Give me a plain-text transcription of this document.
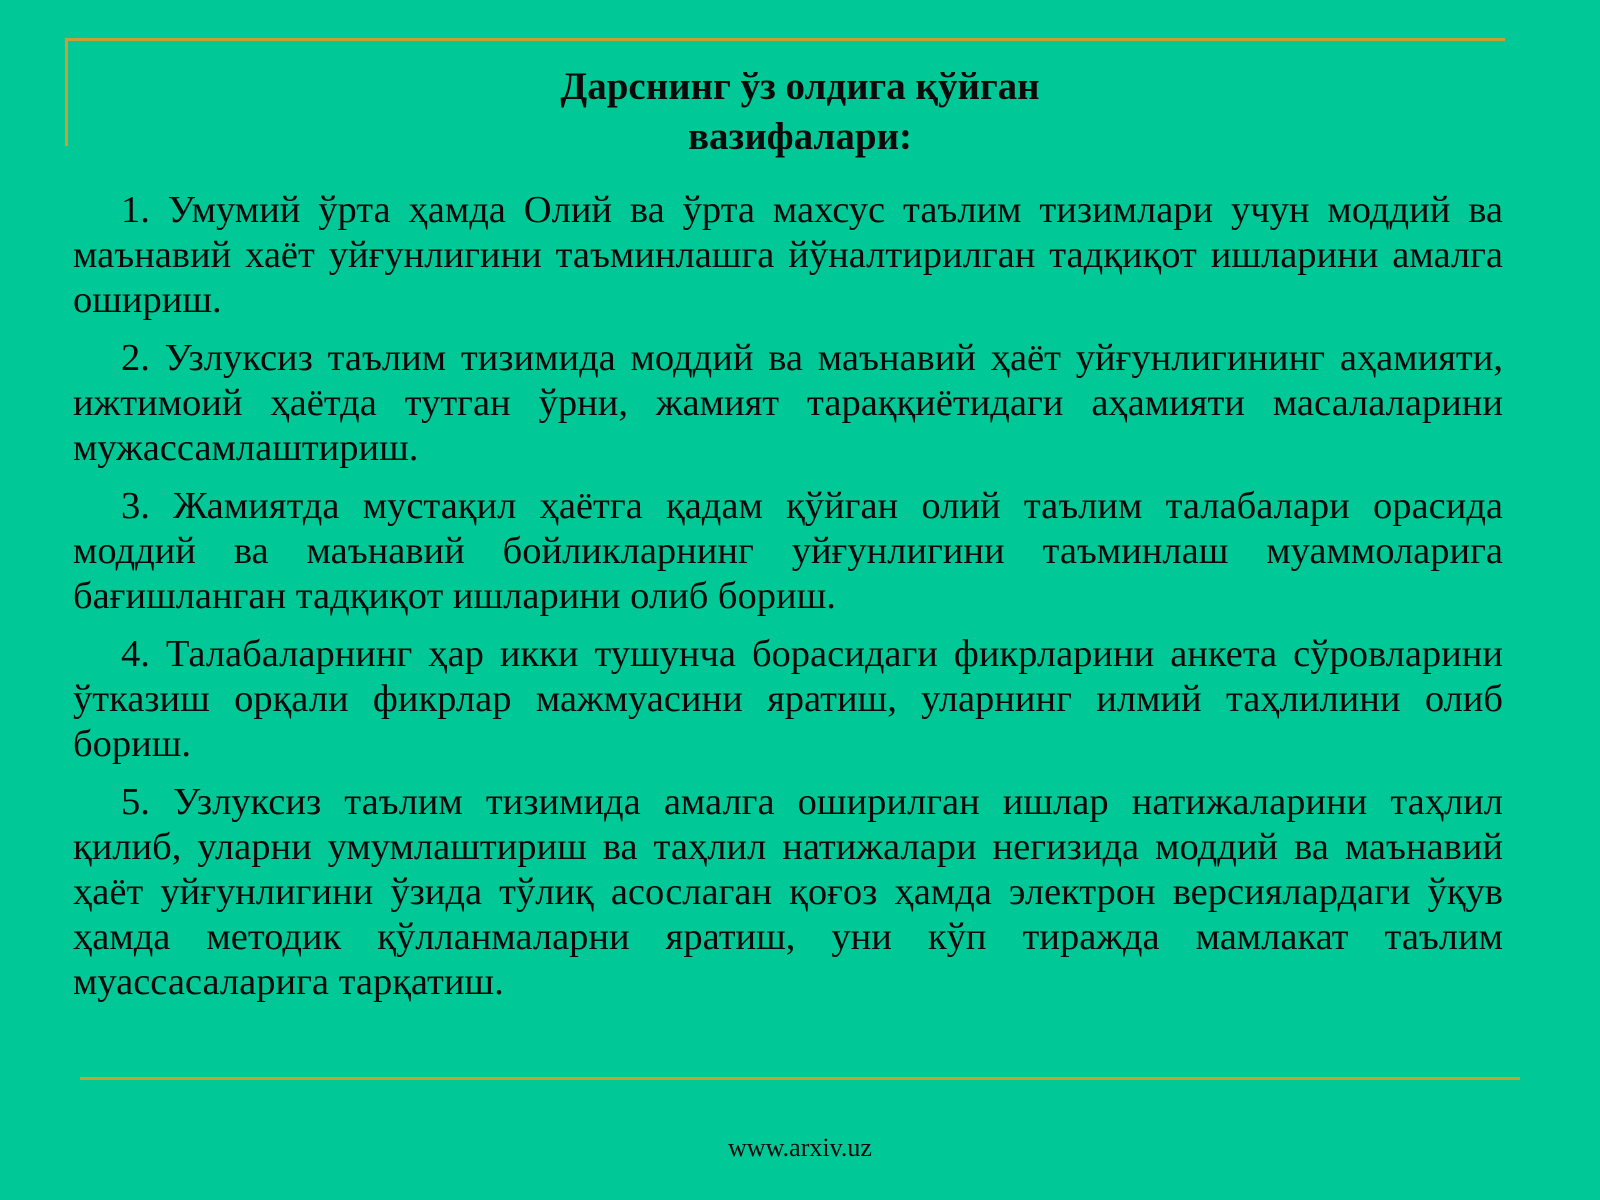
Дарснинг ўз олдига қўйган
вазифалари:

1. Умумий ўрта ҳамда Олий ва ўрта махсус таълим тизимлари учун моддий ва маънавий хаёт уйғунлигини таъминлашга йўналтирилган тадқиқот ишларини амалга ошириш.

2. Узлуксиз таълим тизимида моддий ва маънавий ҳаёт уйғунлигининг аҳамияти, ижтимоий ҳаётда тутган ўрни, жамият тараққиётидаги аҳамияти масалаларини мужассамлаштириш.

3. Жамиятда мустақил ҳаётга қадам қўйган олий таълим талабалари орасида моддий ва маънавий бойликларнинг уйғунлигини таъминлаш муаммоларига бағишланган тадқиқот ишларини олиб бориш.

4. Талабаларнинг ҳар икки тушунча борасидаги фикрларини анкета сўровларини ўтказиш орқали фикрлар мажмуасини яратиш, уларнинг илмий таҳлилини олиб бориш.

5. Узлуксиз таълим тизимида амалга оширилган ишлар натижаларини таҳлил қилиб, уларни умумлаштириш ва таҳлил натижалари негизида моддий ва маънавий ҳаёт уйғунлигини ўзида тўлиқ асослаган қоғоз ҳамда электрон версиялардаги ўқув ҳамда методик қўлланмаларни яратиш, уни кўп тиражда мамлакат таълим муассасаларига тарқатиш.

www.arxiv.uz
